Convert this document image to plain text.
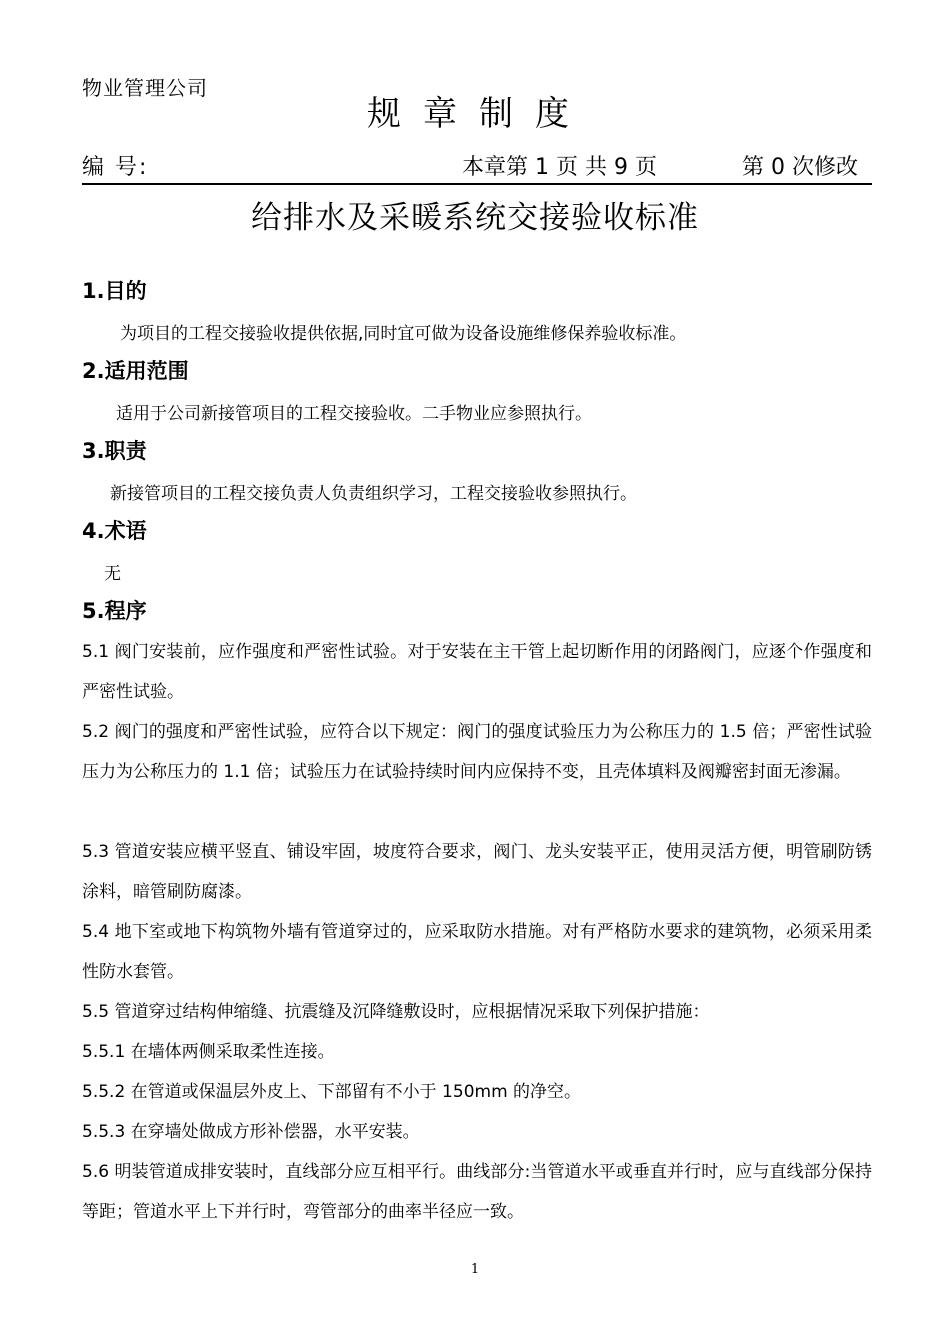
物业管理公司
规章制度
编 号:	本章第 1 页 共 9 页	第 0 次修改
给排水及采暖系统交接验收标准
1.目的
为项目的工程交接验收提供依据,同时宜可做为设备设施维修保养验收标准。
2.适用范围
适用于公司新接管项目的工程交接验收。二手物业应参照执行。
3.职责
新接管项目的工程交接负责人负责组织学习，工程交接验收参照执行。
4.术语
无
5.程序
5.1 阀门安装前，应作强度和严密性试验。对于安装在主干管上起切断作用的闭路阀门，应逐个作强度和严密性试验。
5.2 阀门的强度和严密性试验，应符合以下规定：阀门的强度试验压力为公称压力的 1.5 倍；严密性试验压力为公称压力的 1.1 倍；试验压力在试验持续时间内应保持不变，且壳体填料及阀瓣密封面无渗漏。
5.3 管道安装应横平竖直、铺设牢固，坡度符合要求，阀门、龙头安装平正，使用灵活方便，明管刷防锈涂料，暗管刷防腐漆。
5.4 地下室或地下构筑物外墙有管道穿过的，应采取防水措施。对有严格防水要求的建筑物，必须采用柔性防水套管。
5.5 管道穿过结构伸缩缝、抗震缝及沉降缝敷设时，应根据情况采取下列保护措施：
5.5.1 在墙体两侧采取柔性连接。
5.5.2 在管道或保温层外皮上、下部留有不小于 150mm 的净空。
5.5.3 在穿墙处做成方形补偿器，水平安装。
5.6 明装管道成排安装时，直线部分应互相平行。曲线部分:当管道水平或垂直并行时，应与直线部分保持等距；管道水平上下并行时，弯管部分的曲率半径应一致。
1
